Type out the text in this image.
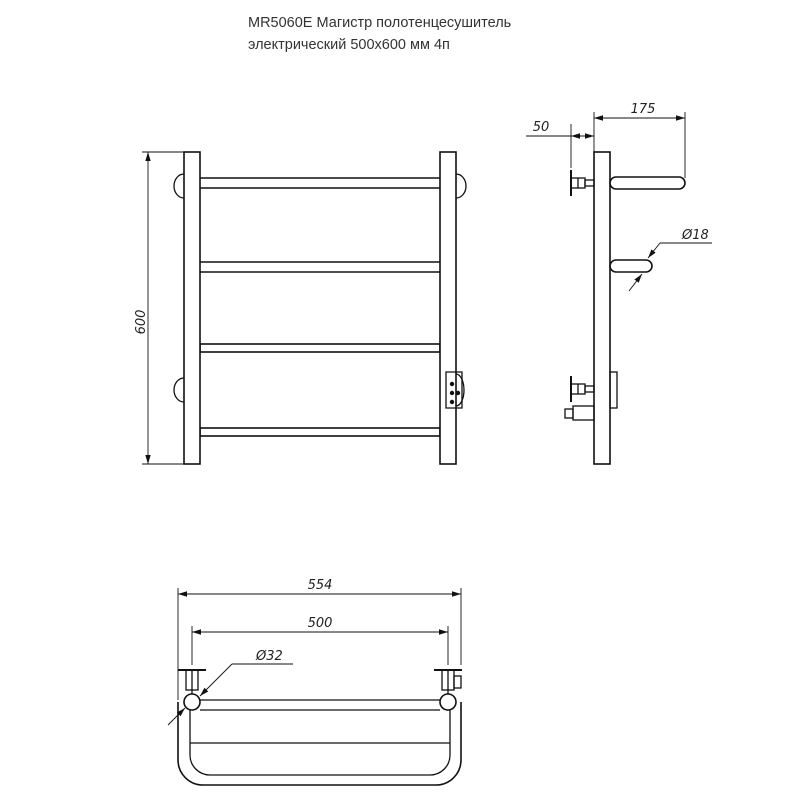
MR5060E Магистр полотенцесушитель
электрический 500х600 мм 4п
600
50
175
Ø18
554
500
Ø32
